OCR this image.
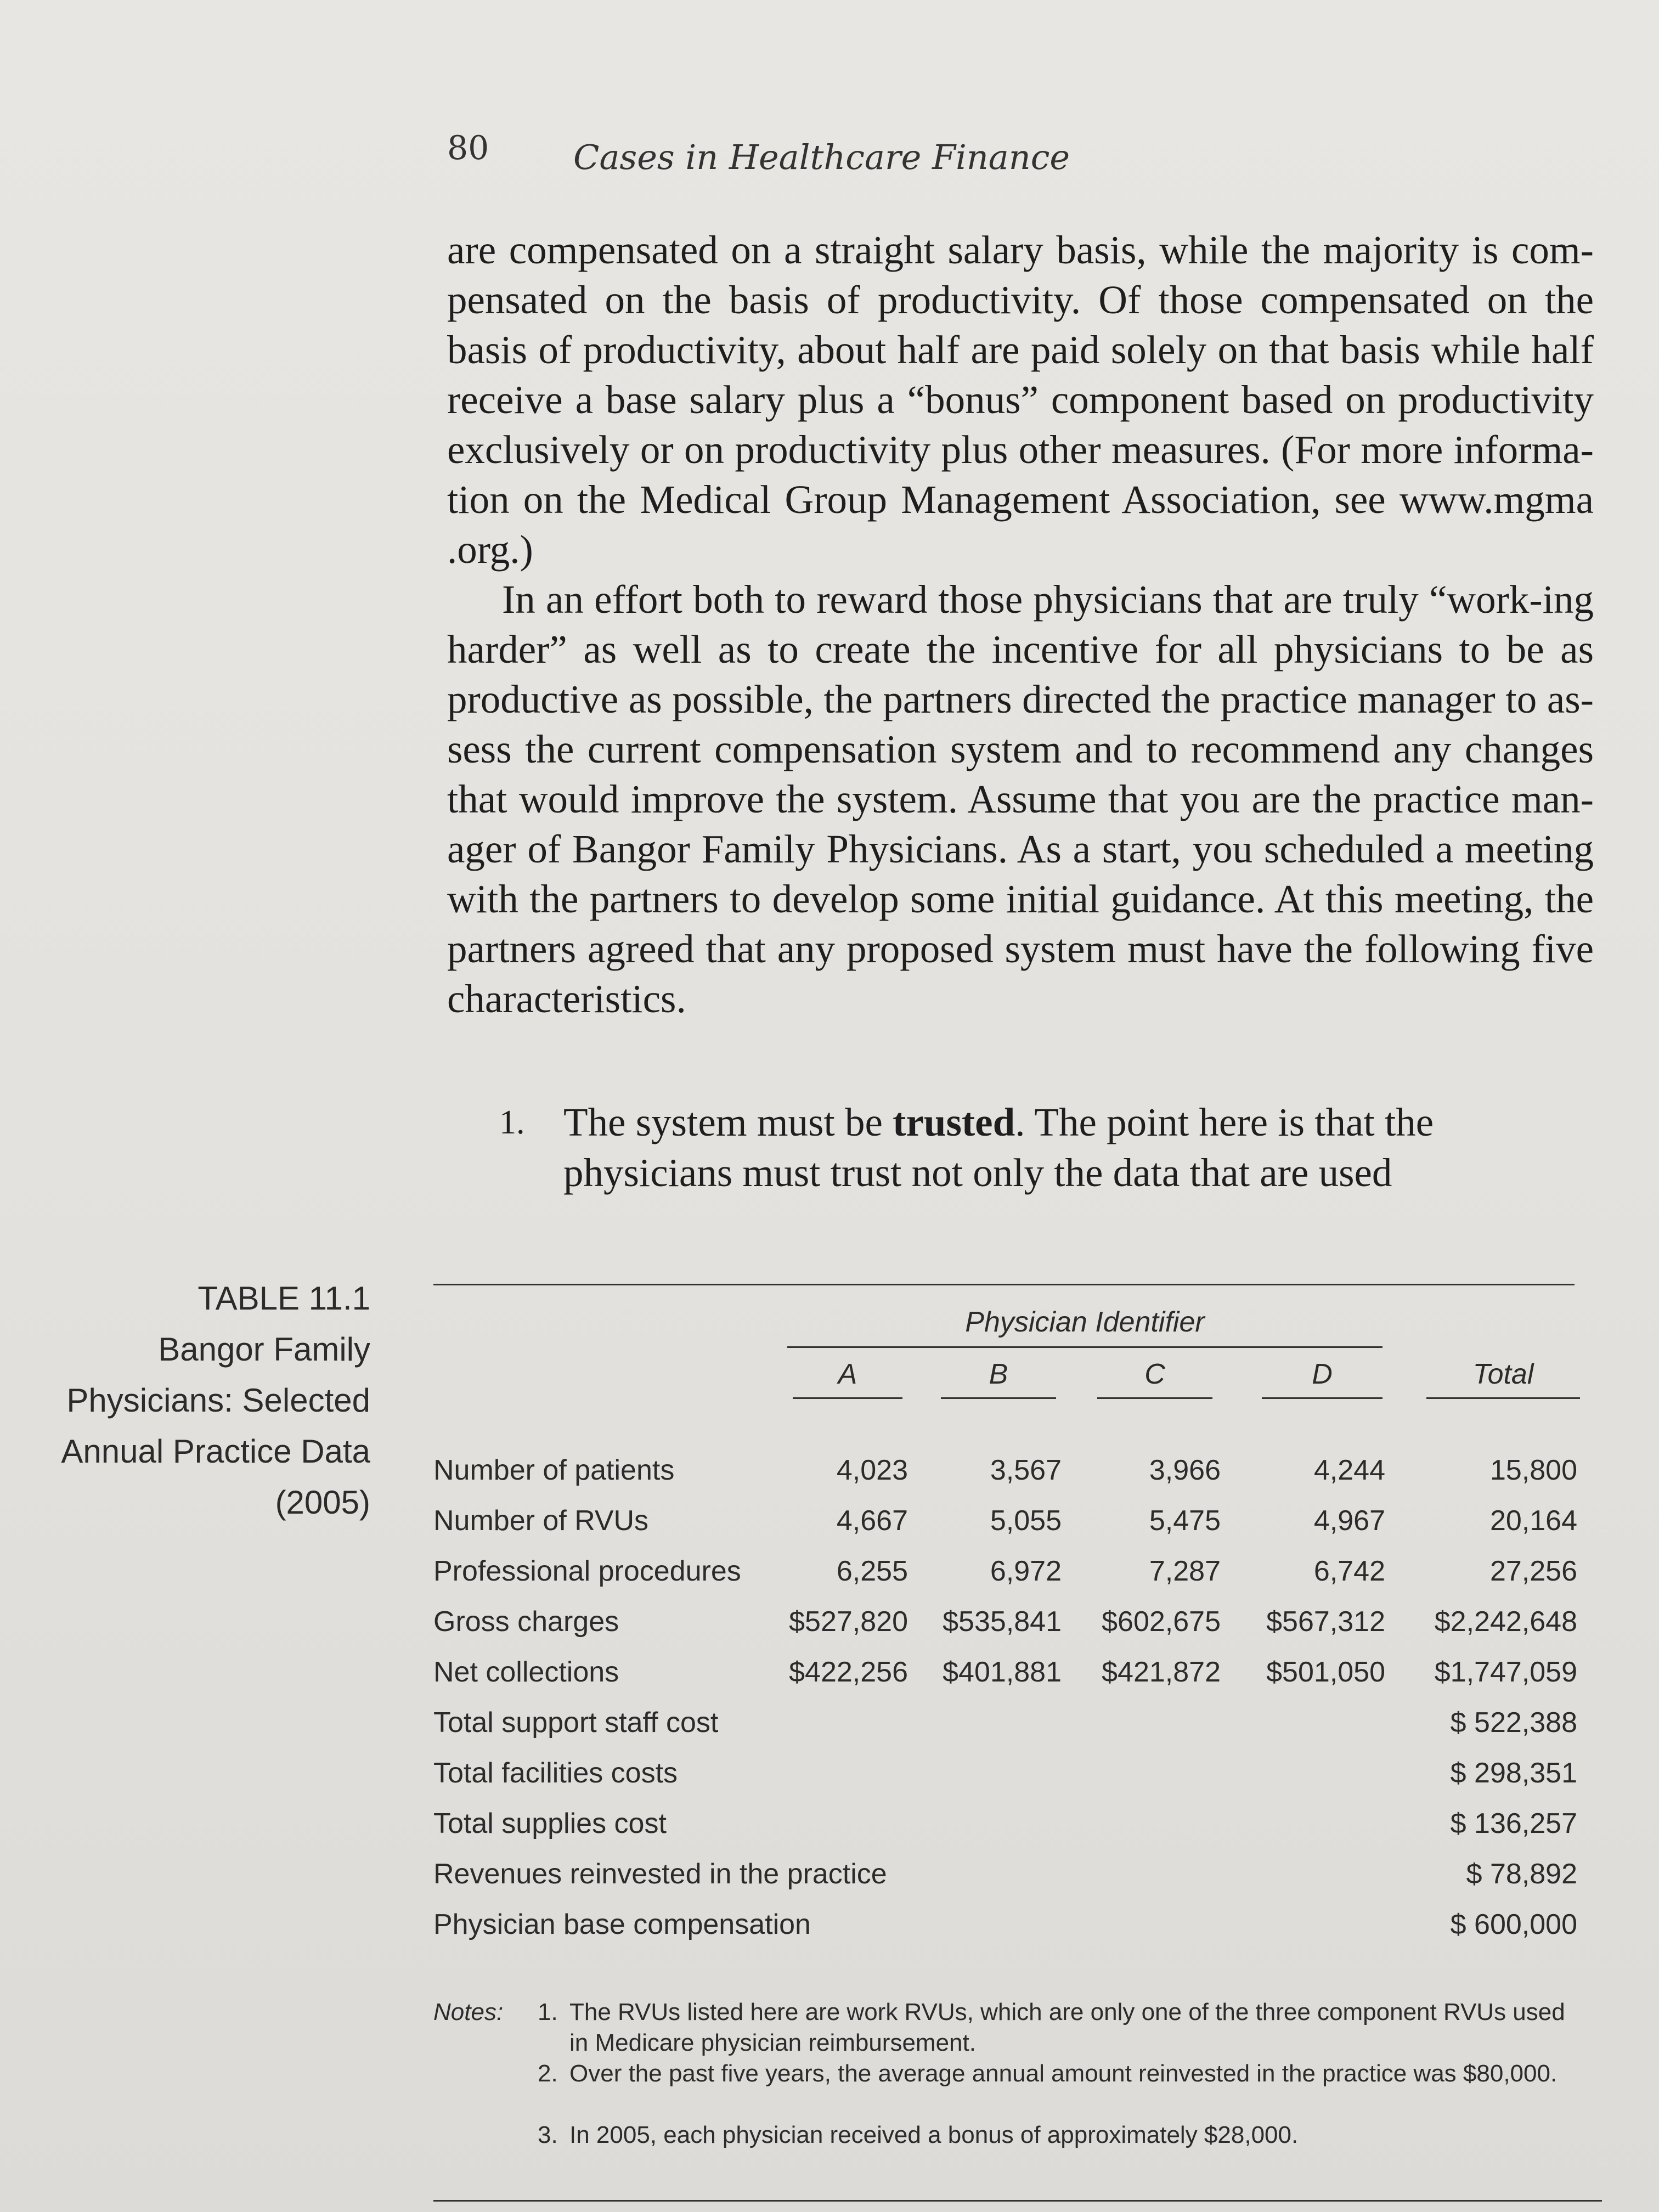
80 Cases in Healthcare Finance

are compensated on a straight salary basis, while the majority is com-pensated on the basis of productivity. Of those compensated on the basis of productivity, about half are paid solely on that basis while half receive a base salary plus a “bonus” component based on productivity exclusively or on productivity plus other measures. (For more informa-tion on the Medical Group Management Association, see www.mgma .org.)

In an effort both to reward those physicians that are truly “work-ing harder” as well as to create the incentive for all physicians to be as productive as possible, the partners directed the practice manager to as-sess the current compensation system and to recommend any changes that would improve the system. Assume that you are the practice man-ager of Bangor Family Physicians. As a start, you scheduled a meeting with the partners to develop some initial guidance. At this meeting, the partners agreed that any proposed system must have the following five characteristics.

1. The system must be trusted. The point here is that the physicians must trust not only the data that are used
TABLE 11.1
Bangor Family Physicians: Selected Annual Practice Data (2005)
Physician Identifier
A	B	C	D	Total
Number of patients	4,023	3,567	3,966	4,244	15,800
Number of RVUs	4,667	5,055	5,475	4,967	20,164
Professional procedures	6,255	6,972	7,287	6,742	27,256
Gross charges	$527,820 $535,841 $602,675 $567,312 $2,242,648
Net collections	$422,256 $401,881 $421,872 $501,050 $1,747,059
Total support staff cost	$ 522,388
Total facilities costs	$ 298,351
Total supplies cost	$ 136,257
Revenues reinvested in the practice	$ 78,892
Physician base compensation	$ 600,000
Notes: 1. The RVUs listed here are work RVUs, which are only one of the three component RVUs used in Medicare physician reimbursement.
2. Over the past five years, the average annual amount reinvested in the practice was $80,000.
3. In 2005, each physician received a bonus of approximately $28,000.
